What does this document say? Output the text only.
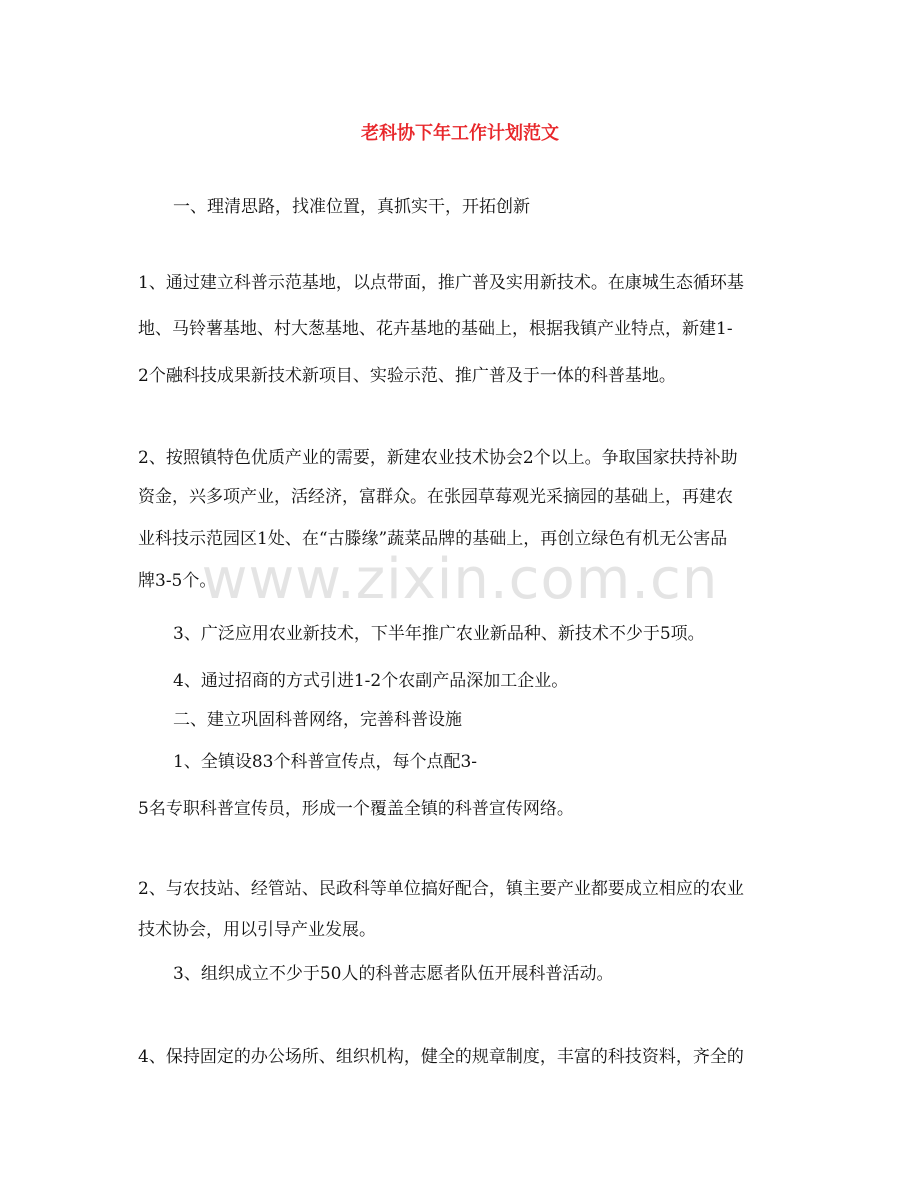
www.zixin.com.cn
老科协下年工作计划范文
一、理清思路，找准位置，真抓实干，开拓创新
1、通过建立科普示范基地，以点带面，推广普及实用新技术。在康城生态循环基
地、马铃薯基地、村大葱基地、花卉基地的基础上，根据我镇产业特点，新建1-
2个融科技成果新技术新项目、实验示范、推广普及于一体的科普基地。
2、按照镇特色优质产业的需要，新建农业技术协会2个以上。争取国家扶持补助
资金，兴多项产业，活经济，富群众。在张园草莓观光采摘园的基础上，再建农
业科技示范园区1处、在“古滕缘”蔬菜品牌的基础上，再创立绿色有机无公害品
牌3-5个。
3、广泛应用农业新技术，下半年推广农业新品种、新技术不少于5项。
4、通过招商的方式引进1-2个农副产品深加工企业。
二、建立巩固科普网络，完善科普设施
1、全镇设83个科普宣传点，每个点配3-
5名专职科普宣传员，形成一个覆盖全镇的科普宣传网络。
2、与农技站、经管站、民政科等单位搞好配合，镇主要产业都要成立相应的农业
技术协会，用以引导产业发展。
3、组织成立不少于50人的科普志愿者队伍开展科普活动。
4、保持固定的办公场所、组织机构，健全的规章制度，丰富的科技资料，齐全的
